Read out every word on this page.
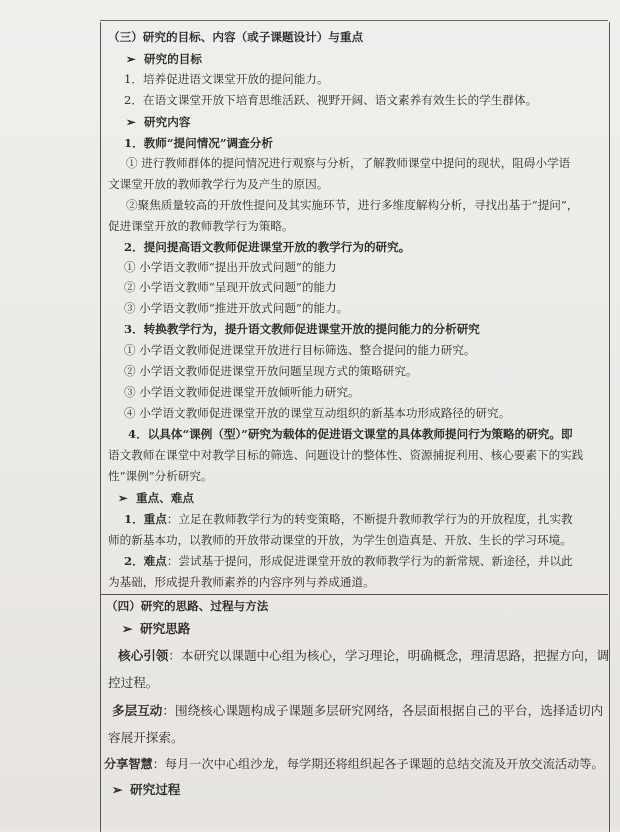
（三）研究的目标、内容（或子课题设计）与重点
➢ 研究的目标
1．培养促进语文课堂开放的提问能力。
2．在语文课堂开放下培育思维活跃、视野开阔、语文素养有效生长的学生群体。
➢ 研究内容
1．教师“提问情况”调查分析
① 进行教师群体的提问情况进行观察与分析，了解教师课堂中提问的现状，阻碍小学语
文课堂开放的教师教学行为及产生的原因。
②聚焦质量较高的开放性提问及其实施环节，进行多维度解构分析，寻找出基于“提问”，
促进课堂开放的教师教学行为策略。
2．提问提高语文教师促进课堂开放的教学行为的研究。
① 小学语文教师“提出开放式问题”的能力
② 小学语文教师“呈现开放式问题”的能力
③ 小学语文教师“推进开放式问题”的能力。
3．转换教学行为，提升语文教师促进课堂开放的提问能力的分析研究
① 小学语文教师促进课堂开放进行目标筛选、整合提问的能力研究。
② 小学语文教师促进课堂开放问题呈现方式的策略研究。
③ 小学语文教师促进课堂开放倾听能力研究。
④ 小学语文教师促进课堂开放的课堂互动组织的新基本功形成路径的研究。
4．以具体“课例（型）”研究为载体的促进语文课堂的具体教师提问行为策略的研究。即
语文教师在课堂中对教学目标的筛选、问题设计的整体性、资源捕捉利用、核心要素下的实践
性“课例”分析研究。
➢ 重点、难点
1．重点：立足在教师教学行为的转变策略，不断提升教师教学行为的开放程度，扎实教
师的新基本功，以教师的开放带动课堂的开放，为学生创造真是、开放、生长的学习环境。
2．难点：尝试基于提问，形成促进课堂开放的教师教学行为的新常规、新途径，并以此
为基础，形成提升教师素养的内容序列与养成通道。
（四）研究的思路、过程与方法
➢ 研究思路
核心引领：本研究以课题中心组为核心，学习理论，明确概念，理清思路，把握方向，调
控过程。
多层互动：围绕核心课题构成子课题多层研究网络，各层面根据自己的平台，选择适切内
容展开探索。
分享智慧：每月一次中心组沙龙，每学期还将组织起各子课题的总结交流及开放交流活动等。
➢ 研究过程
